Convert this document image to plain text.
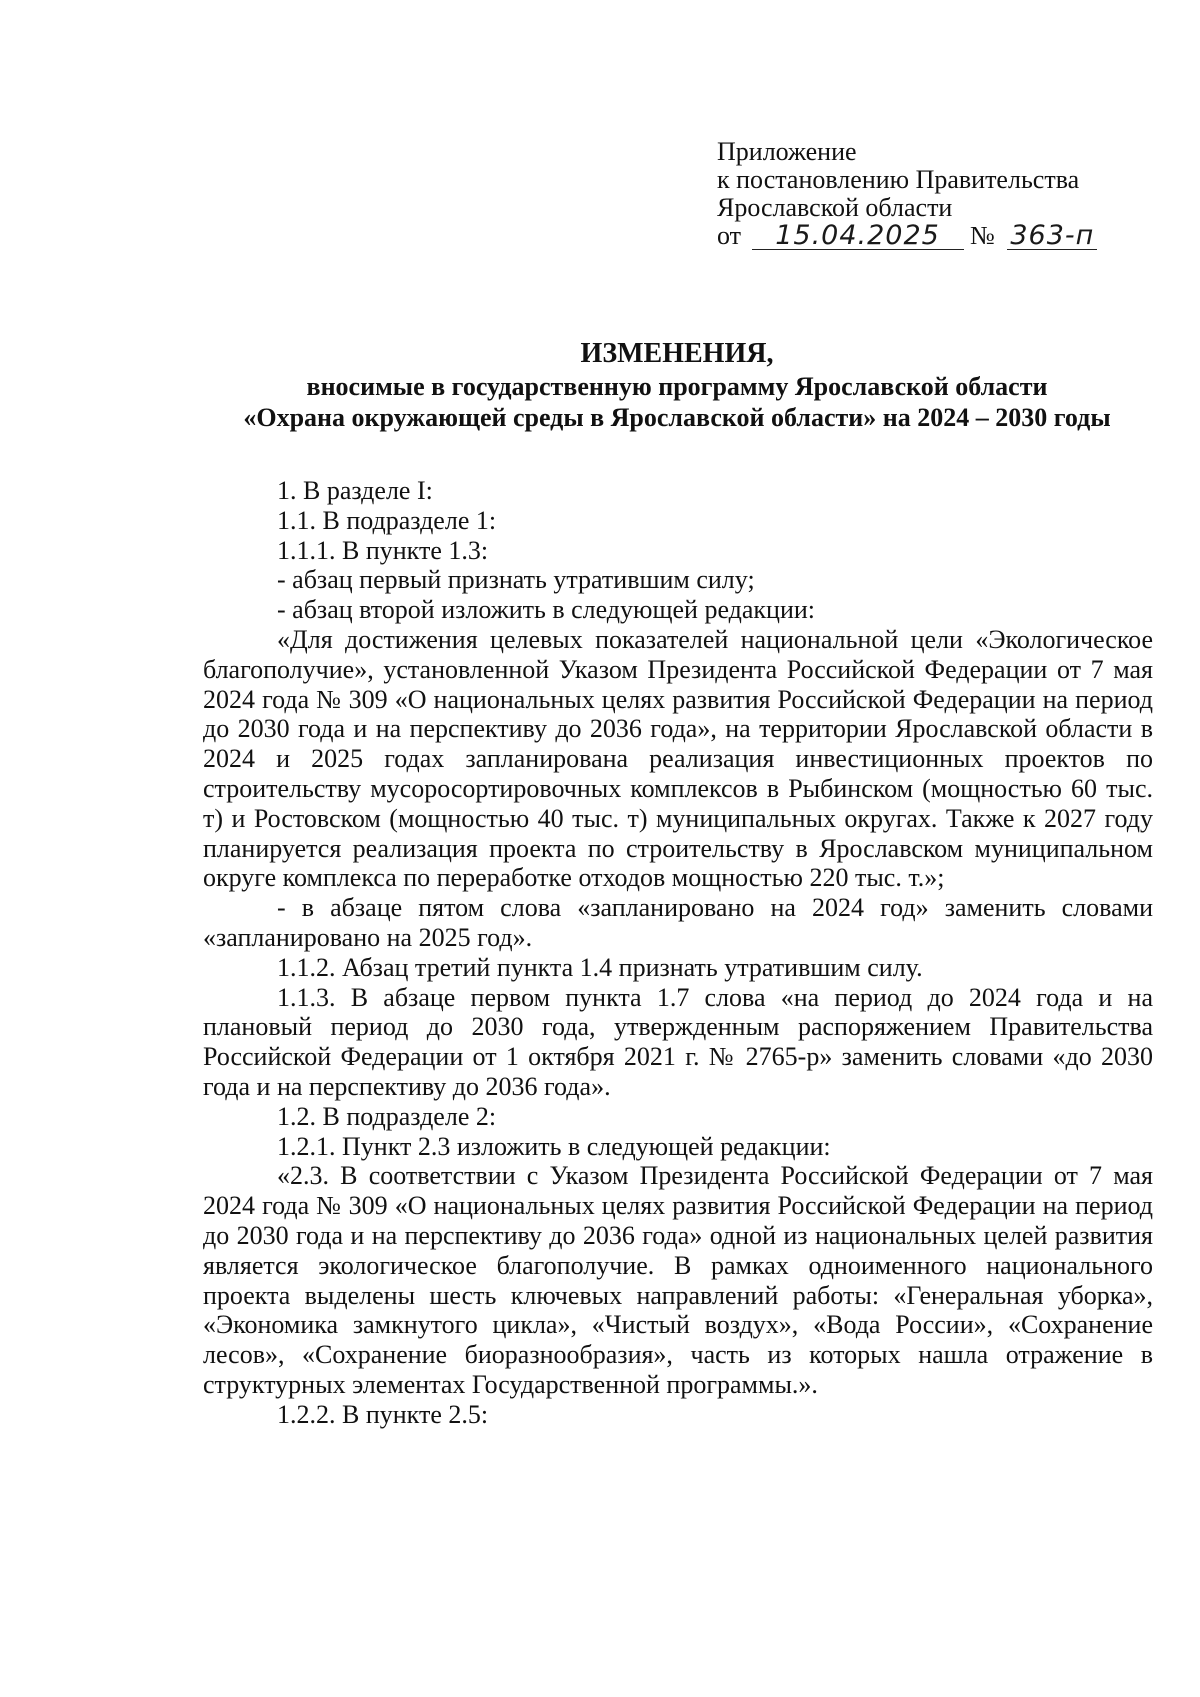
Приложение
к постановлению Правительства
Ярославской области
от 15.04.2025 № 363-п
ИЗМЕНЕНИЯ,
вносимые в государственную программу Ярославской области
«Охрана окружающей среды в Ярославской области» на 2024 – 2030 годы

1. В разделе I:

1.1. В подразделе 1:

1.1.1. В пункте 1.3:

- абзац первый признать утратившим силу;

- абзац второй изложить в следующей редакции:

«Для достижения целевых показателей национальной цели «Экологическое благополучие», установленной Указом Президента Российской Федерации от 7 мая 2024 года № 309 «О национальных целях развития Российской Федерации на период до 2030 года и на перспективу до 2036 года», на территории Ярославской области в 2024 и 2025 годах запланирована реализация инвестиционных проектов по строительству мусоросортировочных комплексов в Рыбинском (мощностью 60 тыс. т) и Ростовском (мощностью 40 тыс. т) муниципальных округах. Также к 2027 году планируется реализация проекта по строительству в Ярославском муниципальном округе комплекса по переработке отходов мощностью 220 тыс. т.»;

- в абзаце пятом слова «запланировано на 2024 год» заменить словами «запланировано на 2025 год».

1.1.2. Абзац третий пункта 1.4 признать утратившим силу.

1.1.3. В абзаце первом пункта 1.7 слова «на период до 2024 года и на плановый период до 2030 года, утвержденным распоряжением Правительства Российской Федерации от 1 октября 2021 г. № 2765-р» заменить словами «до 2030 года и на перспективу до 2036 года».

1.2. В подразделе 2:

1.2.1. Пункт 2.3 изложить в следующей редакции:

«2.3. В соответствии с Указом Президента Российской Федерации от 7 мая 2024 года № 309 «О национальных целях развития Российской Федерации на период до 2030 года и на перспективу до 2036 года» одной из национальных целей развития является экологическое благополучие. В рамках одноименного национального проекта выделены шесть ключевых направлений работы: «Генеральная уборка», «Экономика замкнутого цикла», «Чистый воздух», «Вода России», «Сохранение лесов», «Сохранение биоразнообразия», часть из которых нашла отражение в структурных элементах Государственной программы.».

1.2.2. В пункте 2.5:
